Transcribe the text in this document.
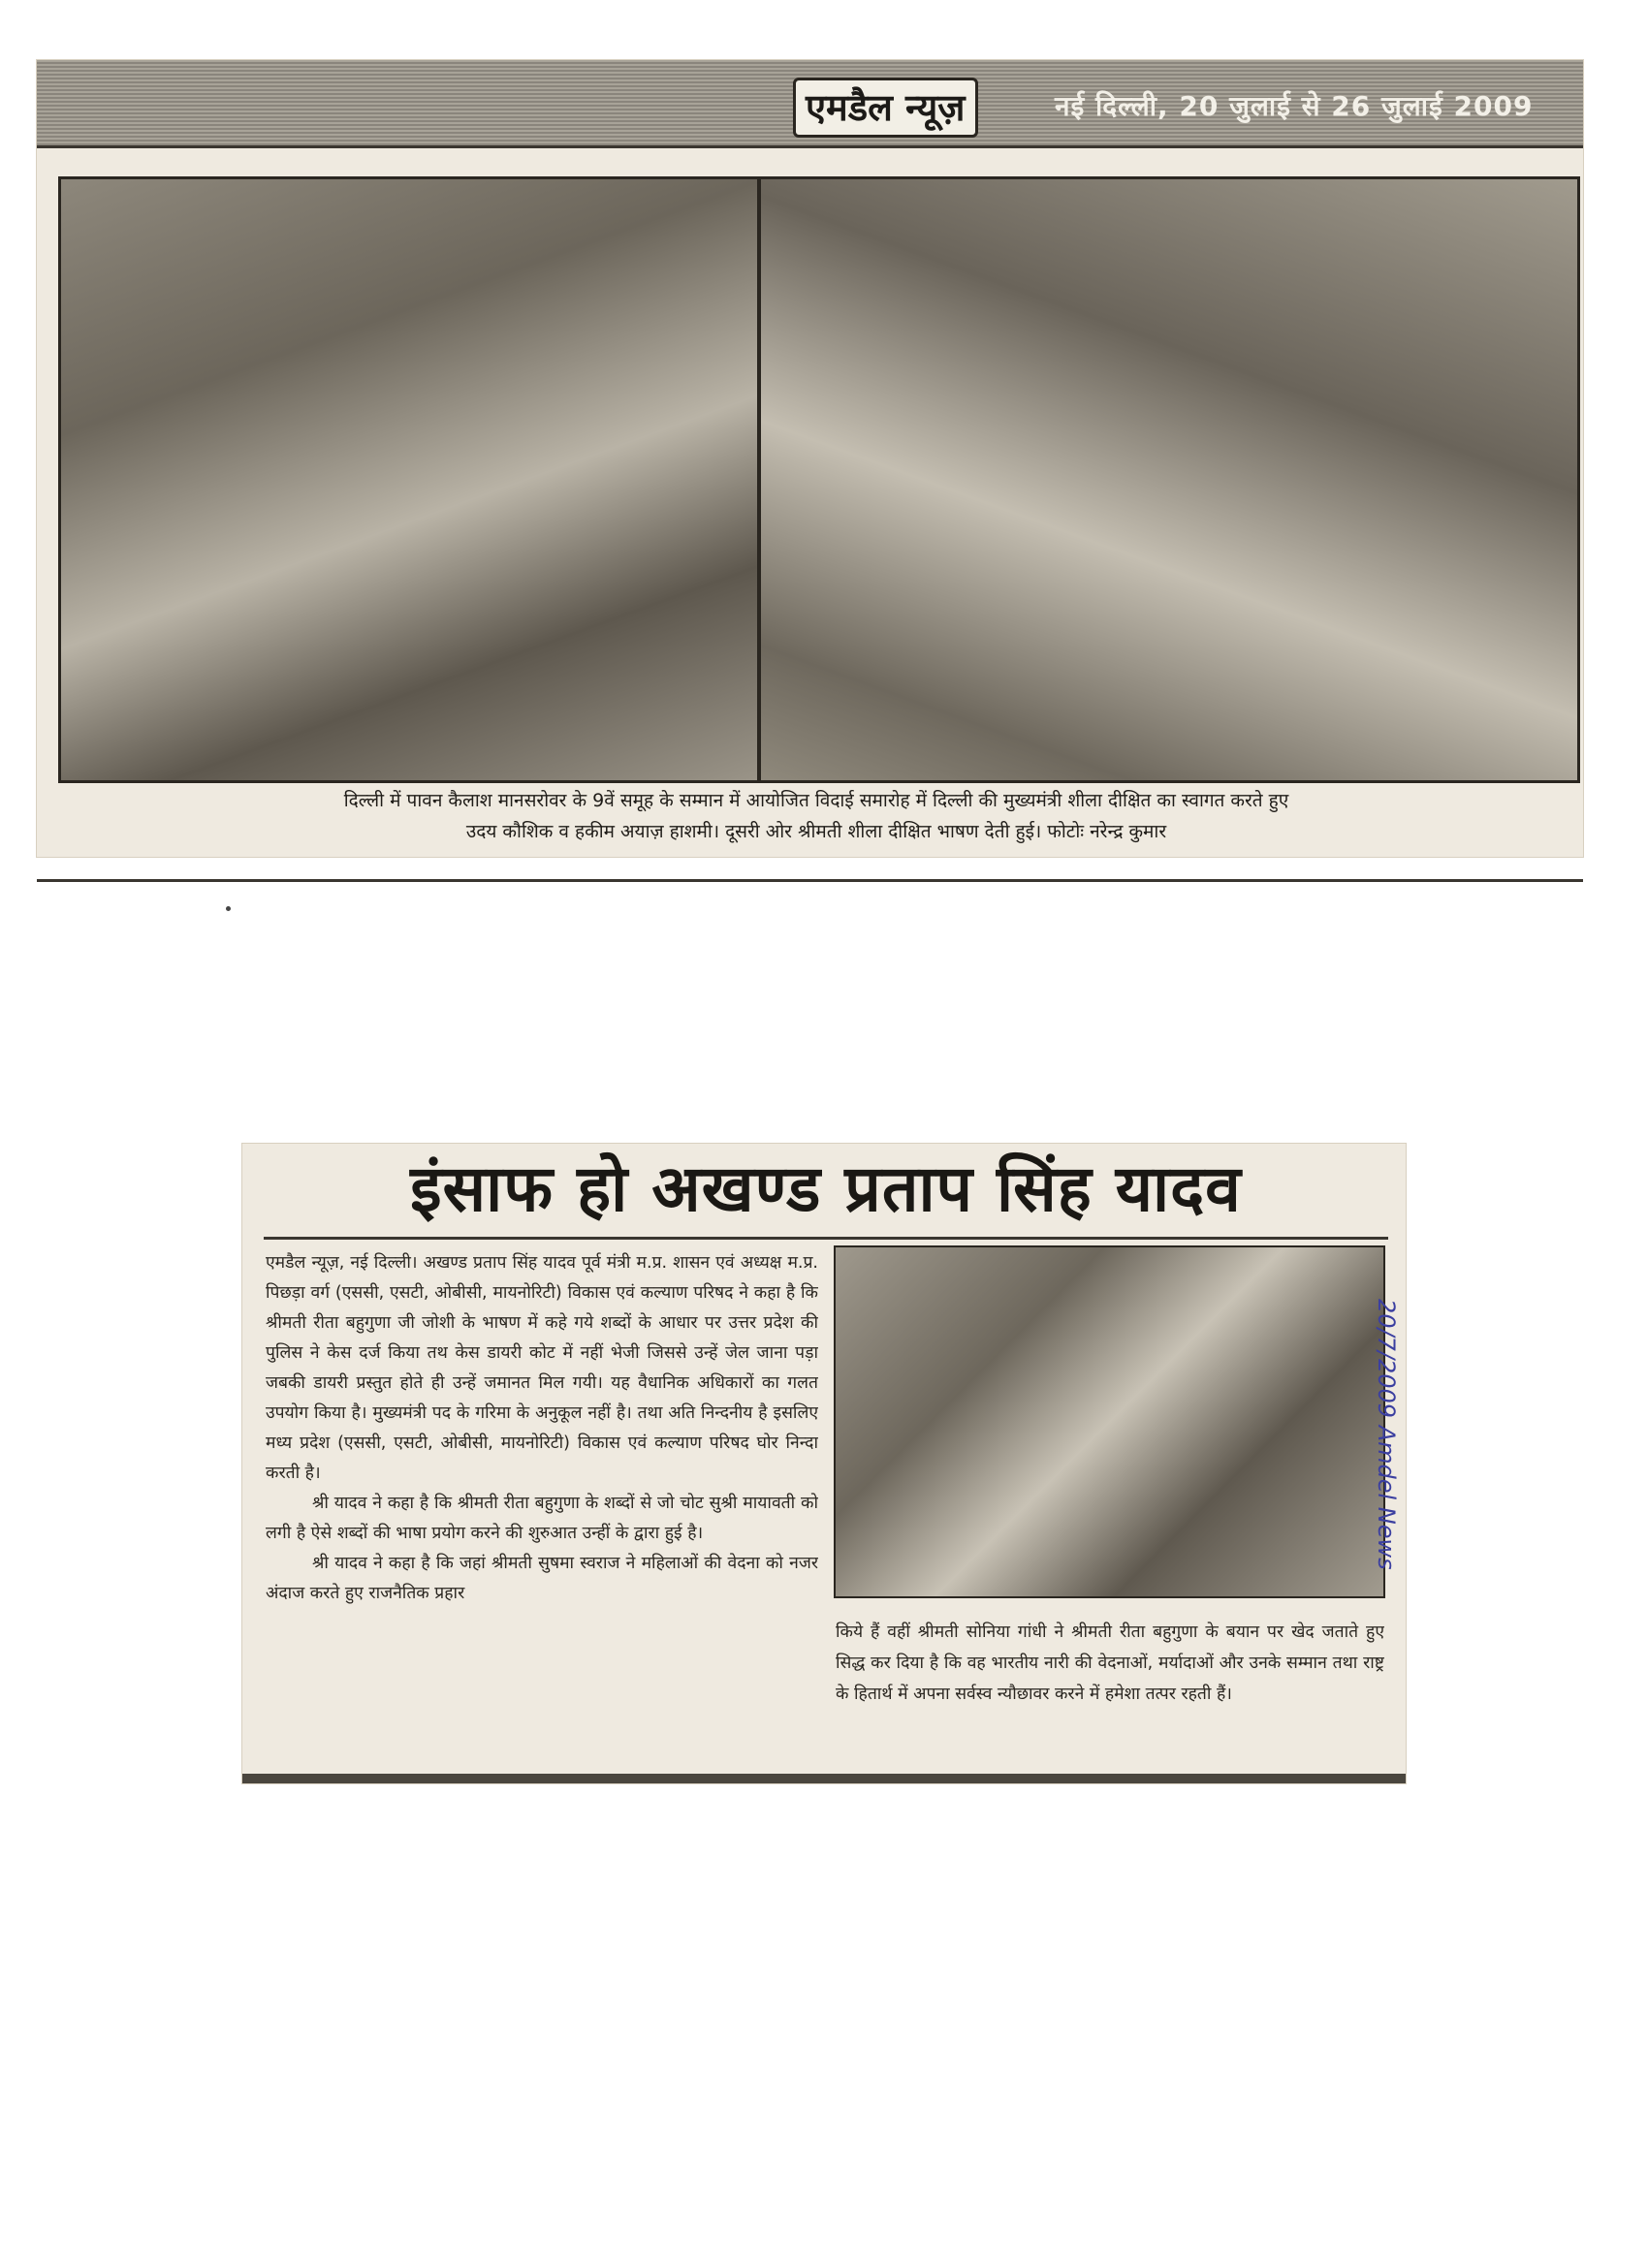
एमडैल न्यूज़	नई दिल्ली, 20 जुलाई से 26 जुलाई 2009
दिल्ली में पावन कैलाश मानसरोवर के 9वें समूह के सम्मान में आयोजित विदाई समारोह में दिल्ली की मुख्यमंत्री शीला दीक्षित का स्वागत करते हुए
उदय कौशिक व हकीम अयाज़ हाशमी। दूसरी ओर श्रीमती शीला दीक्षित भाषण देती हुई। फोटोः नरेन्द्र कुमार
इंसाफ हो अखण्ड प्रताप सिंह यादव

एमडैल न्यूज़, नई दिल्ली। अखण्ड प्रताप सिंह यादव पूर्व मंत्री म.प्र. शासन एवं अध्यक्ष म.प्र. पिछड़ा वर्ग (एससी, एसटी, ओबीसी, मायनोरिटी) विकास एवं कल्याण परिषद ने कहा है कि श्रीमती रीता बहुगुणा जी जोशी के भाषण में कहे गये शब्दों के आधार पर उत्तर प्रदेश की पुलिस ने केस दर्ज किया तथ केस डायरी कोट में नहीं भेजी जिससे उन्हें जेल जाना पड़ा जबकी डायरी प्रस्तुत होते ही उन्हें जमानत मिल गयी। यह वैधानिक अधिकारों का गलत उपयोग किया है। मुख्यमंत्री पद के गरिमा के अनुकूल नहीं है। तथा अति निन्दनीय है इसलिए मध्य प्रदेश (एससी, एसटी, ओबीसी, मायनोरिटी) विकास एवं कल्याण परिषद घोर निन्दा करती है।

श्री यादव ने कहा है कि श्रीमती रीता बहुगुणा के शब्दों से जो चोट सुश्री मायावती को लगी है ऐसे शब्दों की भाषा प्रयोग करने की शुरुआत उन्हीं के द्वारा हुई है।

श्री यादव ने कहा है कि जहां श्रीमती सुषमा स्वराज ने महिलाओं की वेदना को नजर अंदाज करते हुए राजनैतिक प्रहार

किये हैं वहीं श्रीमती सोनिया गांधी ने श्रीमती रीता बहुगुणा के बयान पर खेद जताते हुए सिद्ध कर दिया है कि वह भारतीय नारी की वेदनाओं, मर्यादाओं और उनके सम्मान तथा राष्ट्र के हितार्थ में अपना सर्वस्व न्यौछावर करने में हमेशा तत्पर रहती हैं।

20/7/2009 Amdel News
